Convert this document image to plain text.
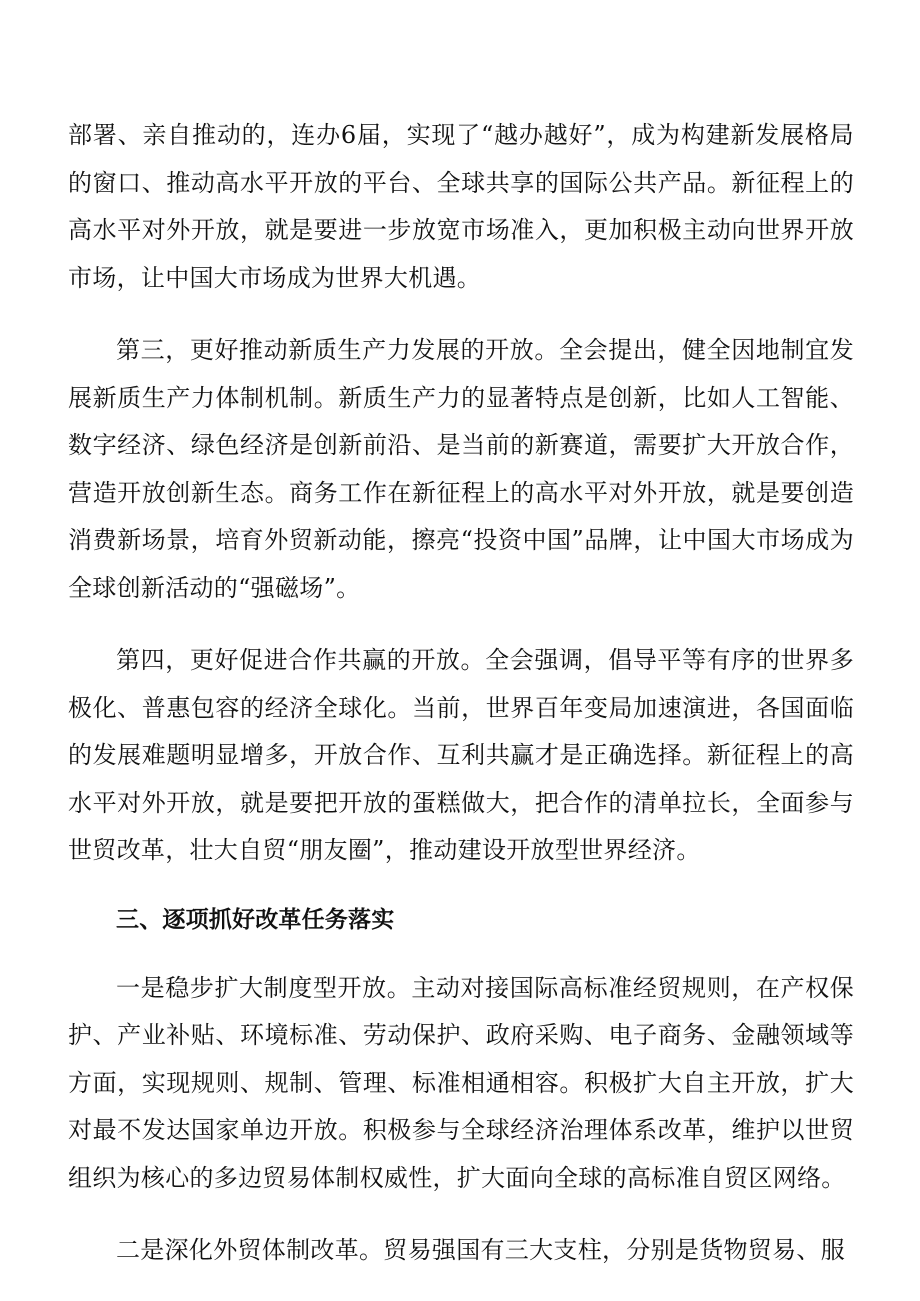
部署、亲自推动的，连办6届，实现了“越办越好”，成为构建新发展格局的窗口、推动高水平开放的平台、全球共享的国际公共产品。新征程上的高水平对外开放，就是要进一步放宽市场准入，更加积极主动向世界开放市场，让中国大市场成为世界大机遇。

第三，更好推动新质生产力发展的开放。全会提出，健全因地制宜发展新质生产力体制机制。新质生产力的显著特点是创新，比如人工智能、数字经济、绿色经济是创新前沿、是当前的新赛道，需要扩大开放合作，营造开放创新生态。商务工作在新征程上的高水平对外开放，就是要创造消费新场景，培育外贸新动能，擦亮“投资中国”品牌，让中国大市场成为全球创新活动的“强磁场”。

第四，更好促进合作共赢的开放。全会强调，倡导平等有序的世界多极化、普惠包容的经济全球化。当前，世界百年变局加速演进，各国面临的发展难题明显增多，开放合作、互利共赢才是正确选择。新征程上的高水平对外开放，就是要把开放的蛋糕做大，把合作的清单拉长，全面参与世贸改革，壮大自贸“朋友圈”，推动建设开放型世界经济。

三、逐项抓好改革任务落实

一是稳步扩大制度型开放。主动对接国际高标准经贸规则，在产权保护、产业补贴、环境标准、劳动保护、政府采购、电子商务、金融领域等方面，实现规则、规制、管理、标准相通相容。积极扩大自主开放，扩大对最不发达国家单边开放。积极参与全球经济治理体系改革，维护以世贸组织为核心的多边贸易体制权威性，扩大面向全球的高标准自贸区网络。

二是深化外贸体制改革。贸易强国有三大支柱，分别是货物贸易、服
